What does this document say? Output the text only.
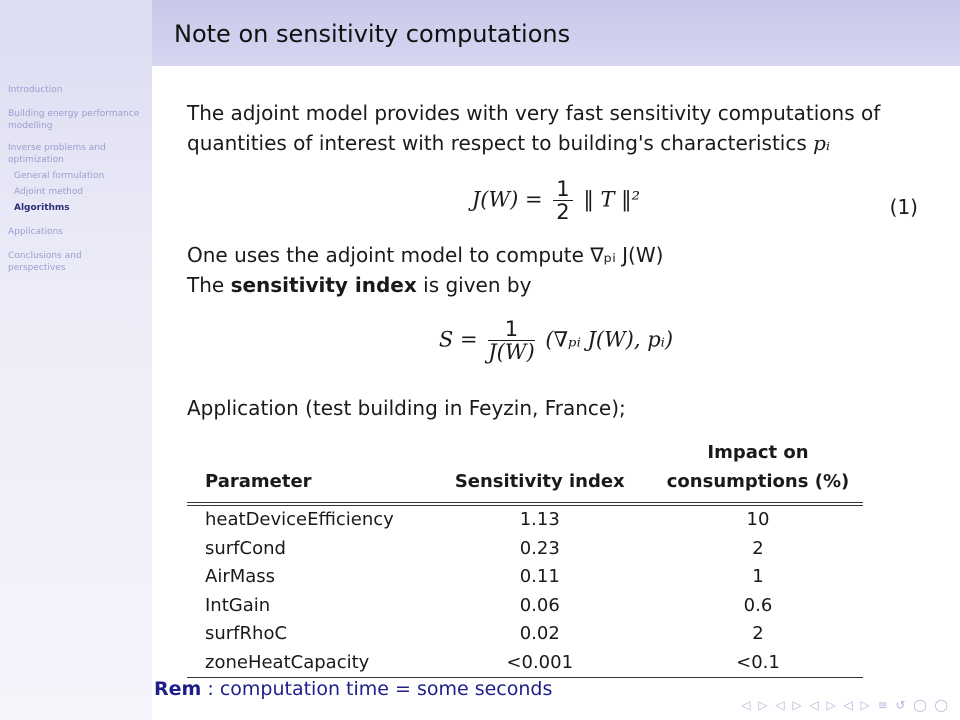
Introduction
Building energy performance modelling
Inverse problems and optimization
General formulation
Adjoint method
Algorithms
Applications
Conclusions and perspectives
Note on sensitivity computations
The adjoint model provides with very fast sensitivity computations of
quantities of interest with respect to building's characteristics pᵢ
$J(W) = \frac{1}{2}$ ‖ T ‖²	(1)
One uses the adjoint model to compute ∇ₚᵢ J(W)
The sensitivity index is given by
$S = \frac{1}{J(W)}$ (∇ₚᵢ J(W), pᵢ)
Application (test building in Feyzin, France);
Parameter	Sensitivity index	Impact on consumptions (%)
heatDeviceEfficiency	1.13	10
surfCond	0.23	2
AirMass	0.11	1
IntGain	0.06	0.6
surfRhoC	0.02	2
zoneHeatCapacity	<0.001	<0.1
Rem : computation time = some seconds
◁ ▷ ◁ ▷ ◁ ▷ ◁ ▷ ≡ ↺ ◯ ◯
